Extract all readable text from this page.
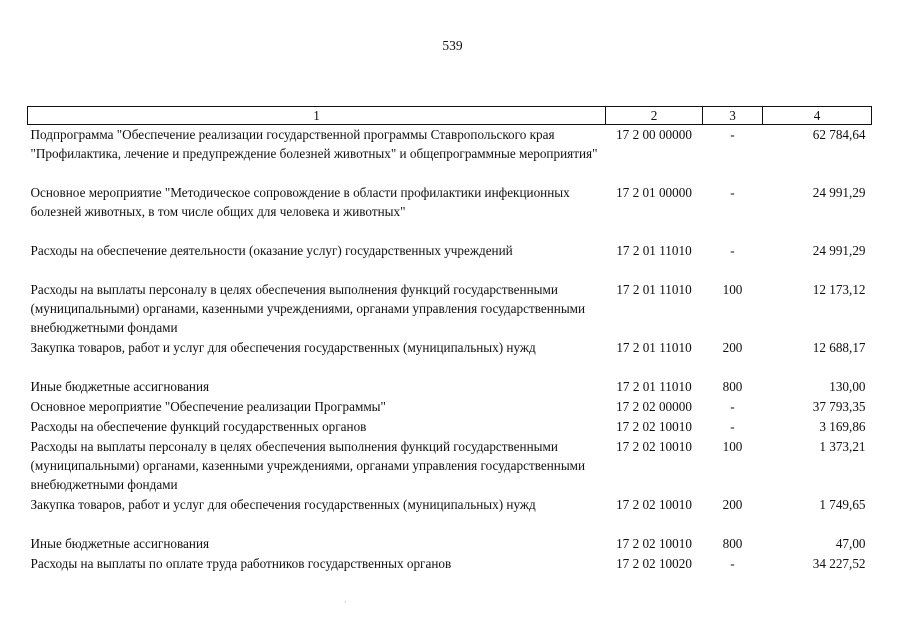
539
1	2	3	4
Подпрограмма "Обеспечение реализации государственной программы Ставропольского края "Профилактика, лечение и предупреждение болезней животных" и общепрограммные мероприятия"	17 2 00 00000	-	62 784,64
Основное мероприятие "Методическое сопровождение в области профилактики инфекционных болезней животных, в том числе общих для человека и животных"	17 2 01 00000	-	24 991,29
Расходы на обеспечение деятельности (оказание услуг) государственных учреждений	17 2 01 11010	-	24 991,29
Расходы на выплаты персоналу в целях обеспечения выполнения функций государственными (муниципальными) органами, казенными учреждениями, органами управления государственными внебюджетными фондами	17 2 01 11010	100	12 173,12
Закупка товаров, работ и услуг для обеспечения государственных (муниципальных) нужд	17 2 01 11010	200	12 688,17
Иные бюджетные ассигнования	17 2 01 11010	800	130,00
Основное мероприятие "Обеспечение реализации Программы"	17 2 02 00000	-	37 793,35
Расходы на обеспечение функций государственных органов	17 2 02 10010	-	3 169,86
Расходы на выплаты персоналу в целях обеспечения выполнения функций государственными (муниципальными) органами, казенными учреждениями, органами управления государственными внебюджетными фондами	17 2 02 10010	100	1 373,21
Закупка товаров, работ и услуг для обеспечения государственных (муниципальных) нужд	17 2 02 10010	200	1 749,65
Иные бюджетные ассигнования	17 2 02 10010	800	47,00
Расходы на выплаты по оплате труда работников государственных органов	17 2 02 10020	-	34 227,52
·
